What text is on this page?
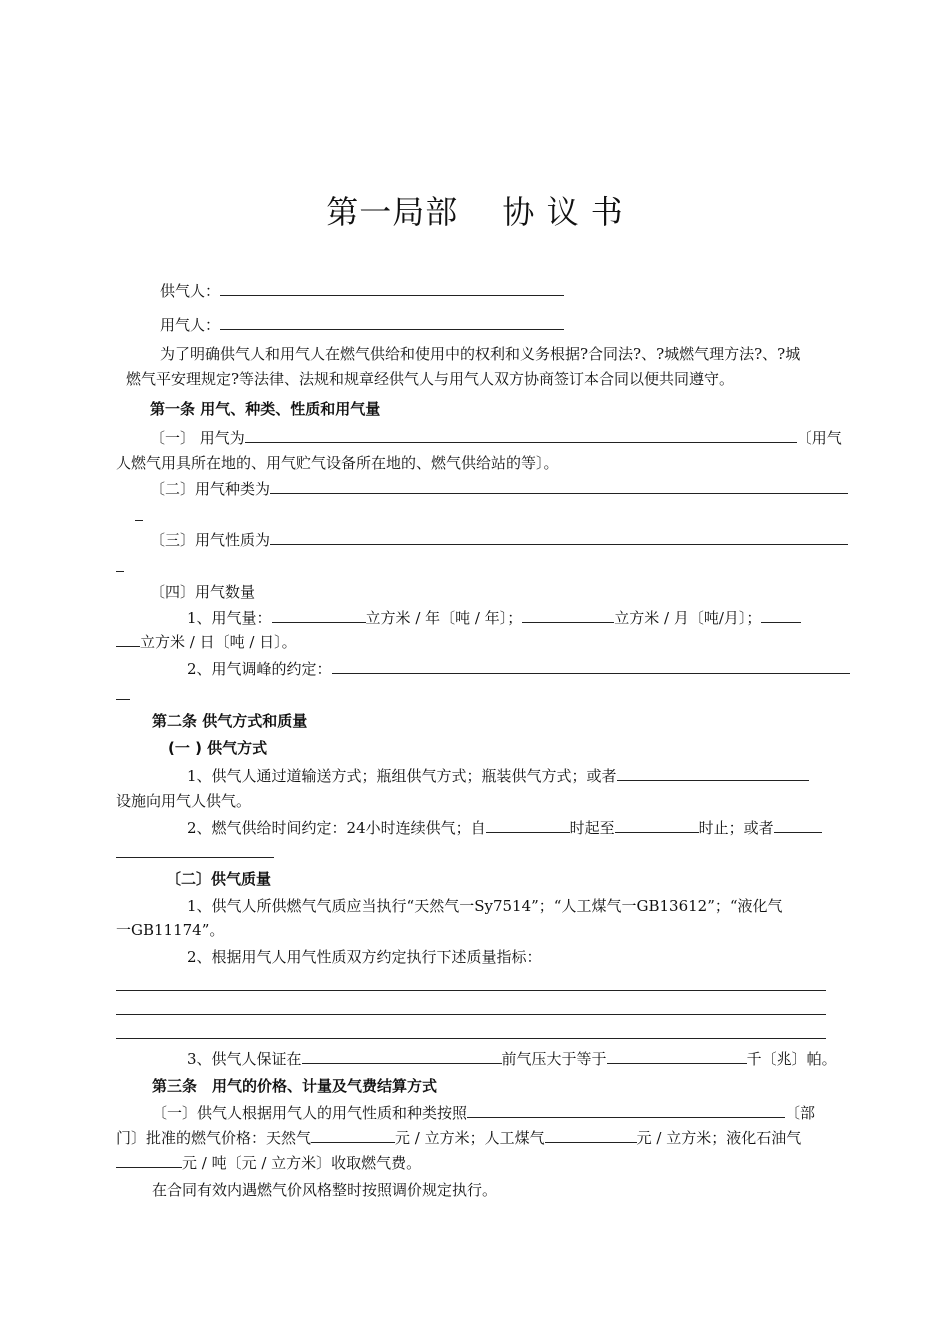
第一局部　 协 议 书
供气人：
用气人：
为了明确供气人和用气人在燃气供给和使用中的权利和义务根据?合同法?、?城燃气理方法?、?城
燃气平安理规定?等法律、法规和规章经供气人与用气人双方协商签订本合同以便共同遵守。
第一条 用气、种类、性质和用气量
〔一〕 用气为	〔用气
人燃气用具所在地的、用气贮气设备所在地的、燃气供给站的等〕。
〔二〕用气种类为
〔三〕用气性质为
〔四〕用气数量
1、用气量：	立方米 / 年〔吨 / 年〕；	立方米 / 月〔吨/月〕；
立方米 / 日〔吨 / 日〕。
2、用气调峰的约定：
第二条 供气方式和质量
(一 ) 供气方式
1、供气人通过道输送方式；瓶组供气方式；瓶装供气方式；或者
设施向用气人供气。
2、燃气供给时间约定：24小时连续供气；自	时起至	时止；或者
〔二〕供气质量
1、供气人所供燃气气质应当执行“天然气一Sy7514”；“人工煤气一GB13612”；“液化气
一GB11174”。
2、根据用气人用气性质双方约定执行下述质量指标：
3、供气人保证在	前气压大于等于	千〔兆〕帕。
第三条　用气的价格、计量及气费结算方式
〔一〕供气人根据用气人的用气性质和种类按照	〔部
门〕批准的燃气价格：天然气	元 / 立方米；人工煤气	元 / 立方米；液化石油气
元 / 吨〔元 / 立方米〕收取燃气费。
在合同有效内遇燃气价风格整时按照调价规定执行。
